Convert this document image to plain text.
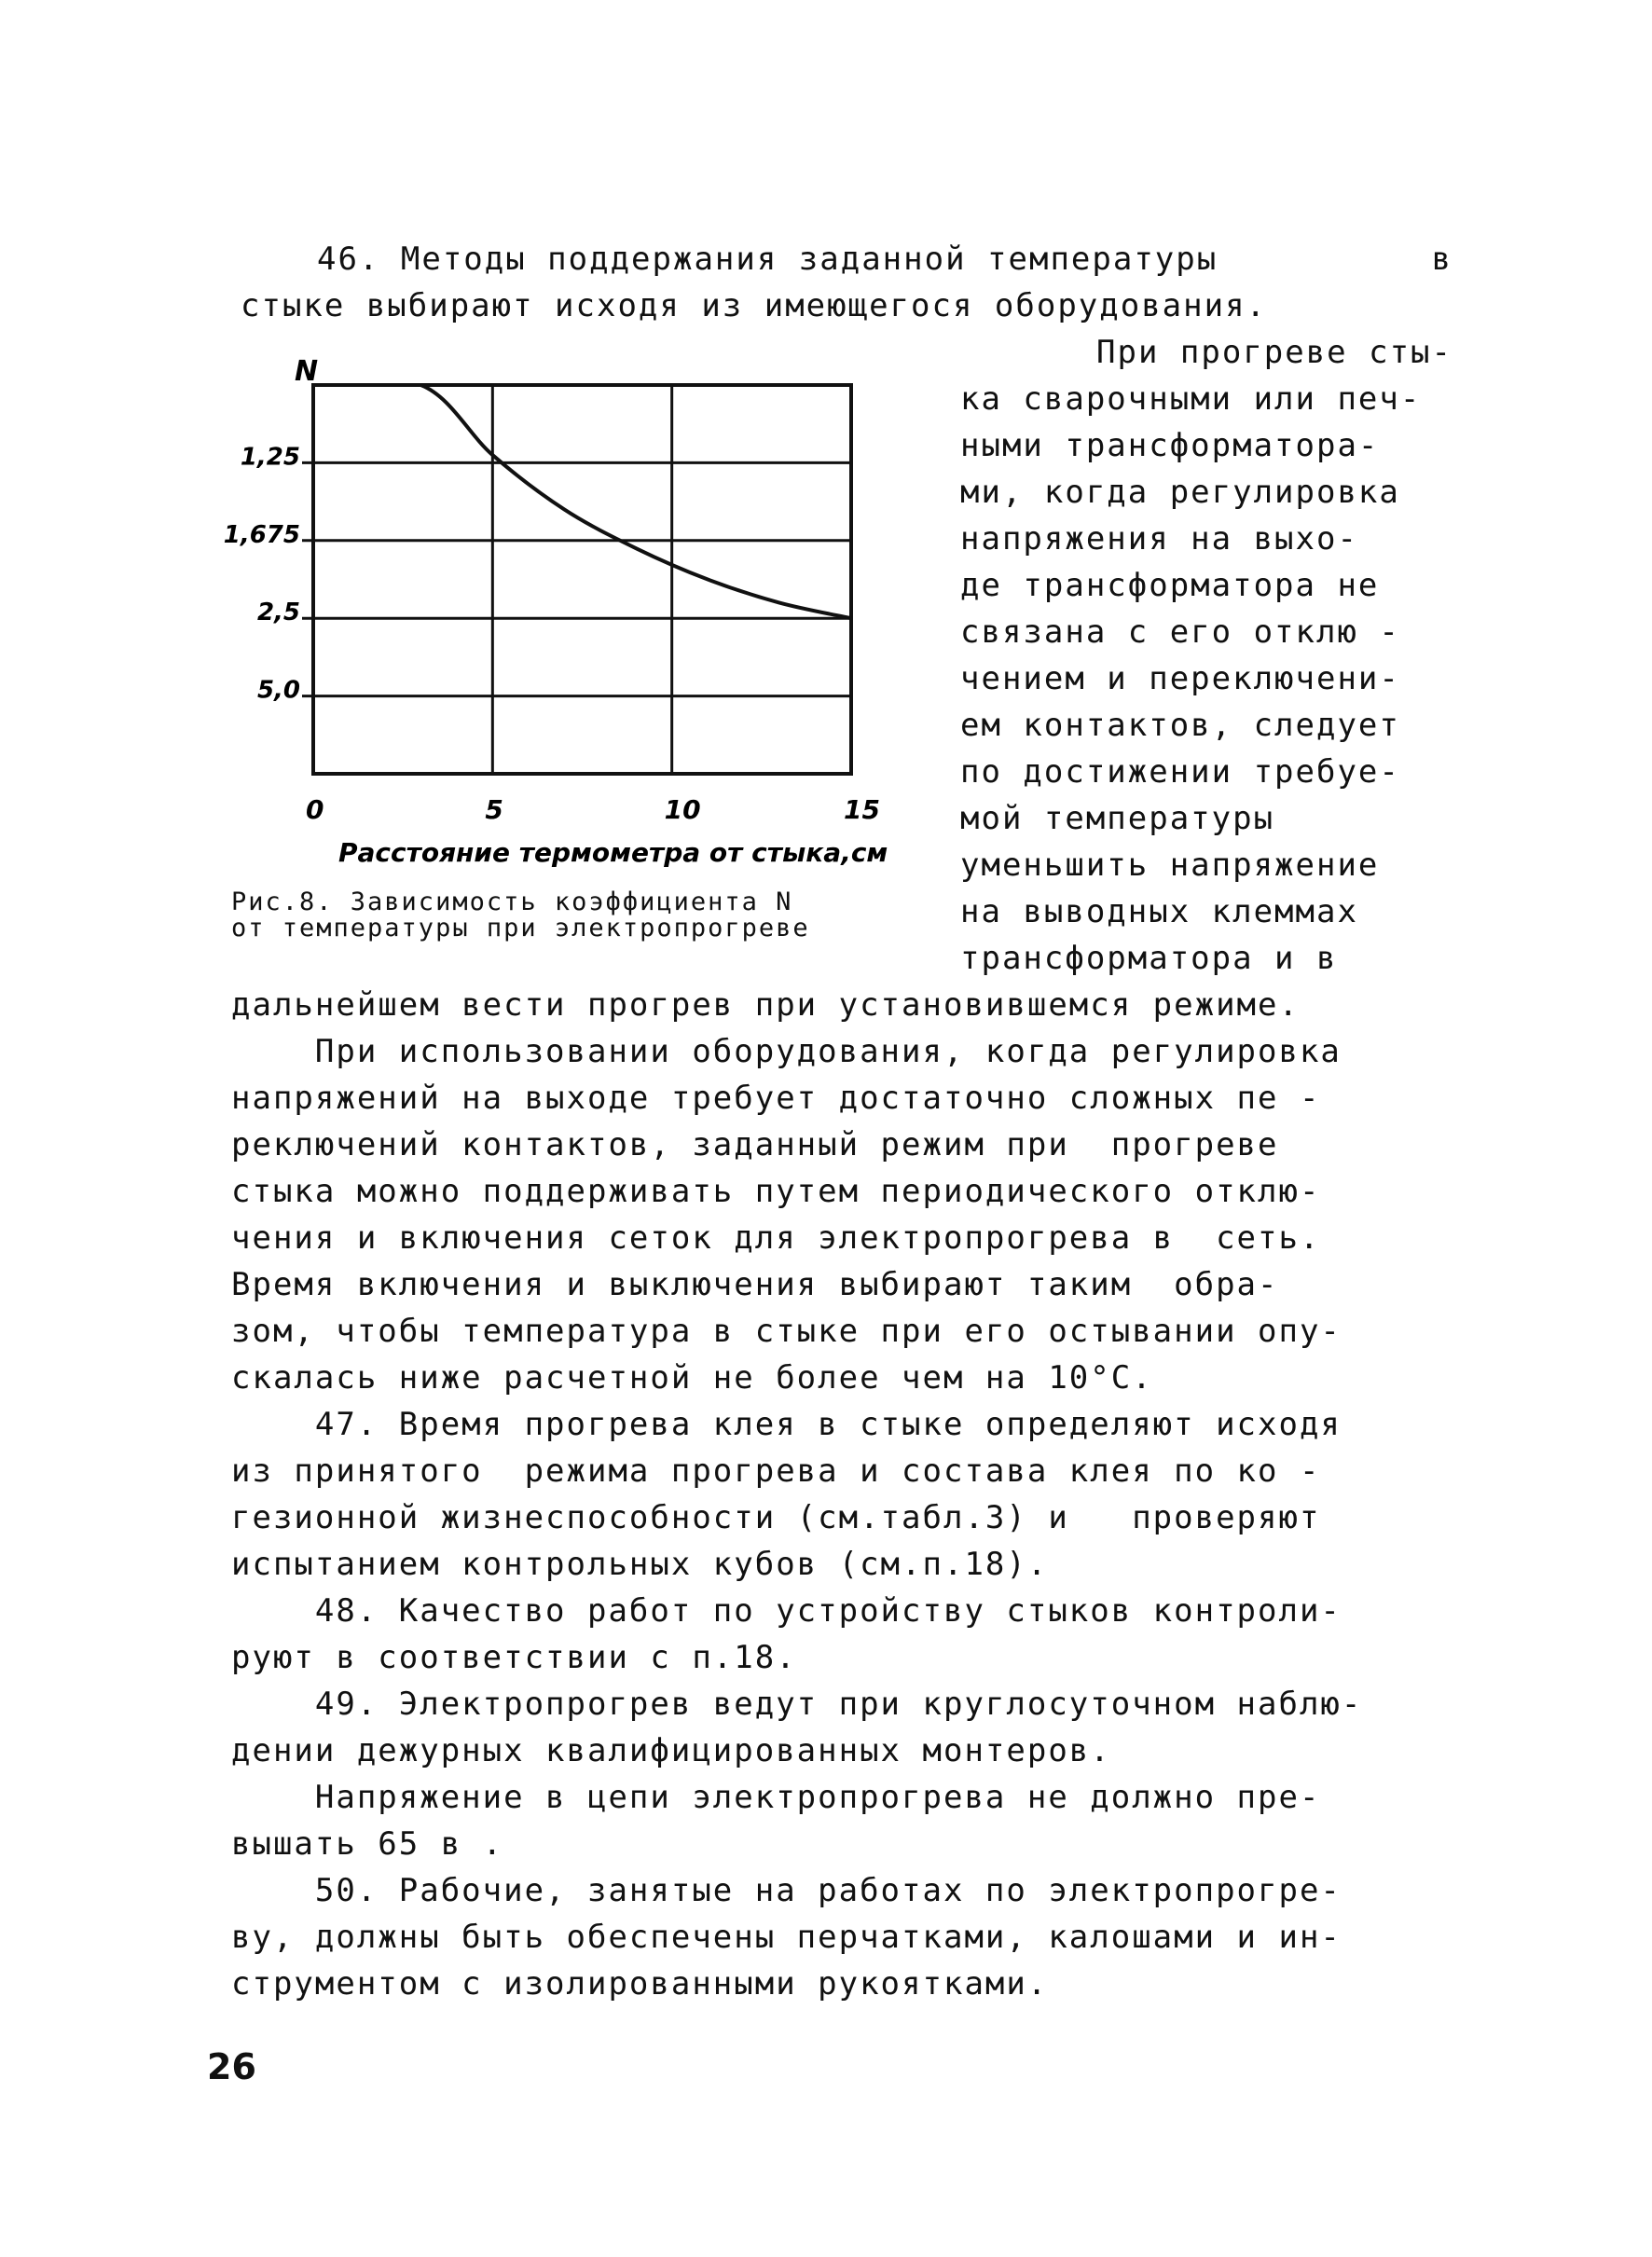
46. Методы поддержания заданной температуры	в

стыке выбирают исходя из имеющегося оборудования.

N
0	5	10	15
1,25
1,675
2,5
5,0
Расстояние термометра от стыка,см
Рис.8. Зависимость коэффициента N
от температуры при электропрогреве
При прогреве сты-
ка сварочными или печ-
ными трансформатора-
ми, когда регулировка
напряжения на выхо-
де трансформатора не
связана с его отклю -
чением и переключени-
ем контактов, следует
по достижении требуе-
мой температуры
уменьшить напряжение
на выводных клеммах
трансформатора и в
дальнейшем вести прогрев при установившемся режиме.
При использовании оборудования, когда регулировка
напряжений на выходе требует достаточно сложных пе -
реключений контактов, заданный режим при  прогреве
стыка можно поддерживать путем периодического отклю-
чения и включения сеток для электропрогрева в  сеть.
Время включения и выключения выбирают таким  обра-
зом, чтобы температура в стыке при его остывании опу-
скалась ниже расчетной не более чем на 10°С.
47. Время прогрева клея в стыке определяют исходя
из принятого  режима прогрева и состава клея по ко -
гезионной жизнеспособности (см.табл.3) и   проверяют
испытанием контрольных кубов (см.п.18).
48. Качество работ по устройству стыков контроли-
руют в соответствии с п.18.
49. Электропрогрев ведут при круглосуточном наблю-
дении дежурных квалифицированных монтеров.
Напряжение в цепи электропрогрева не должно пре-
вышать 65 в .
50. Рабочие, занятые на работах по электропрогре-
ву, должны быть обеспечены перчатками, калошами и ин-
струментом с изолированными рукоятками.
26
